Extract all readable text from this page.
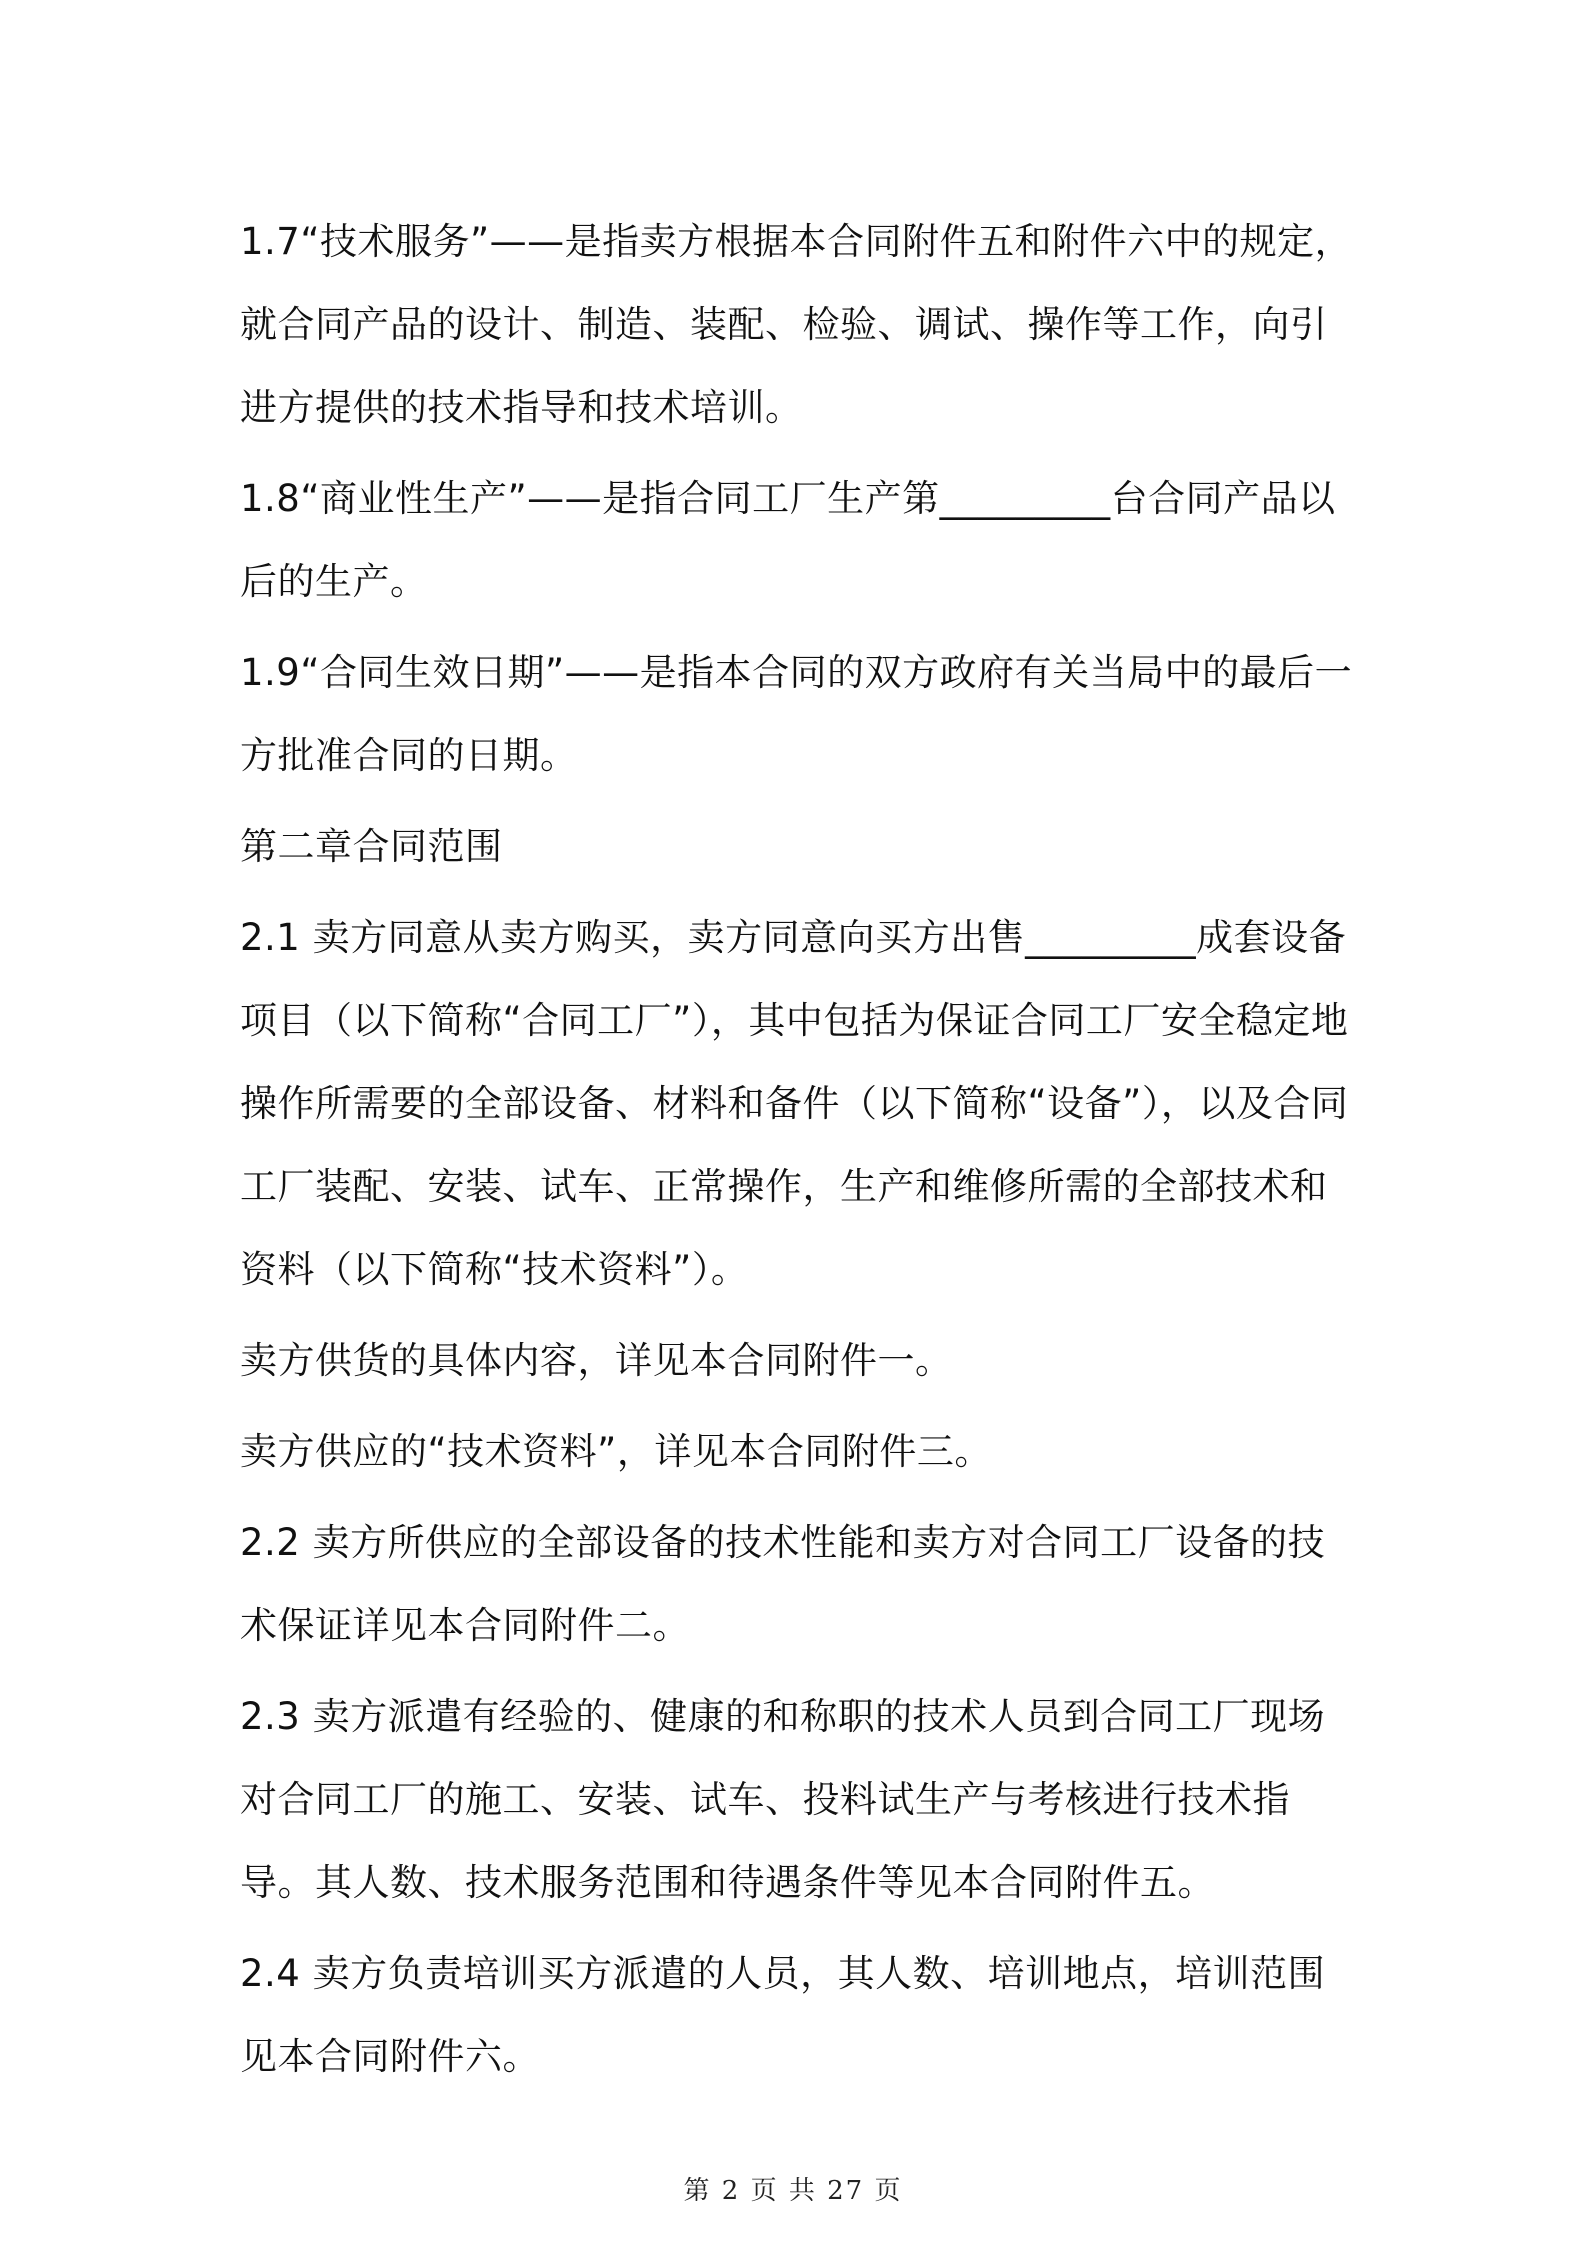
1.7“技术服务”——是指卖方根据本合同附件五和附件六中的规定，就合同产品的设计、制造、装配、检验、调试、操作等工作，向引进方提供的技术指导和技术培训。

1.8“商业性生产”——是指合同工厂生产第_________台合同产品以后的生产。

1.9“合同生效日期”——是指本合同的双方政府有关当局中的最后一方批准合同的日期。

第二章合同范围

2.1 卖方同意从卖方购买，卖方同意向买方出售_________成套设备项目（以下简称“合同工厂”），其中包括为保证合同工厂安全稳定地操作所需要的全部设备、材料和备件（以下简称“设备”），以及合同工厂装配、安装、试车、正常操作，生产和维修所需的全部技术和资料（以下简称“技术资料”）。

卖方供货的具体内容，详见本合同附件一。

卖方供应的“技术资料”，详见本合同附件三。

2.2 卖方所供应的全部设备的技术性能和卖方对合同工厂设备的技术保证详见本合同附件二。

2.3 卖方派遣有经验的、健康的和称职的技术人员到合同工厂现场对合同工厂的施工、安装、试车、投料试生产与考核进行技术指导。其人数、技术服务范围和待遇条件等见本合同附件五。

2.4 卖方负责培训买方派遣的人员，其人数、培训地点，培训范围见本合同附件六。

第 2 页 共 27 页
